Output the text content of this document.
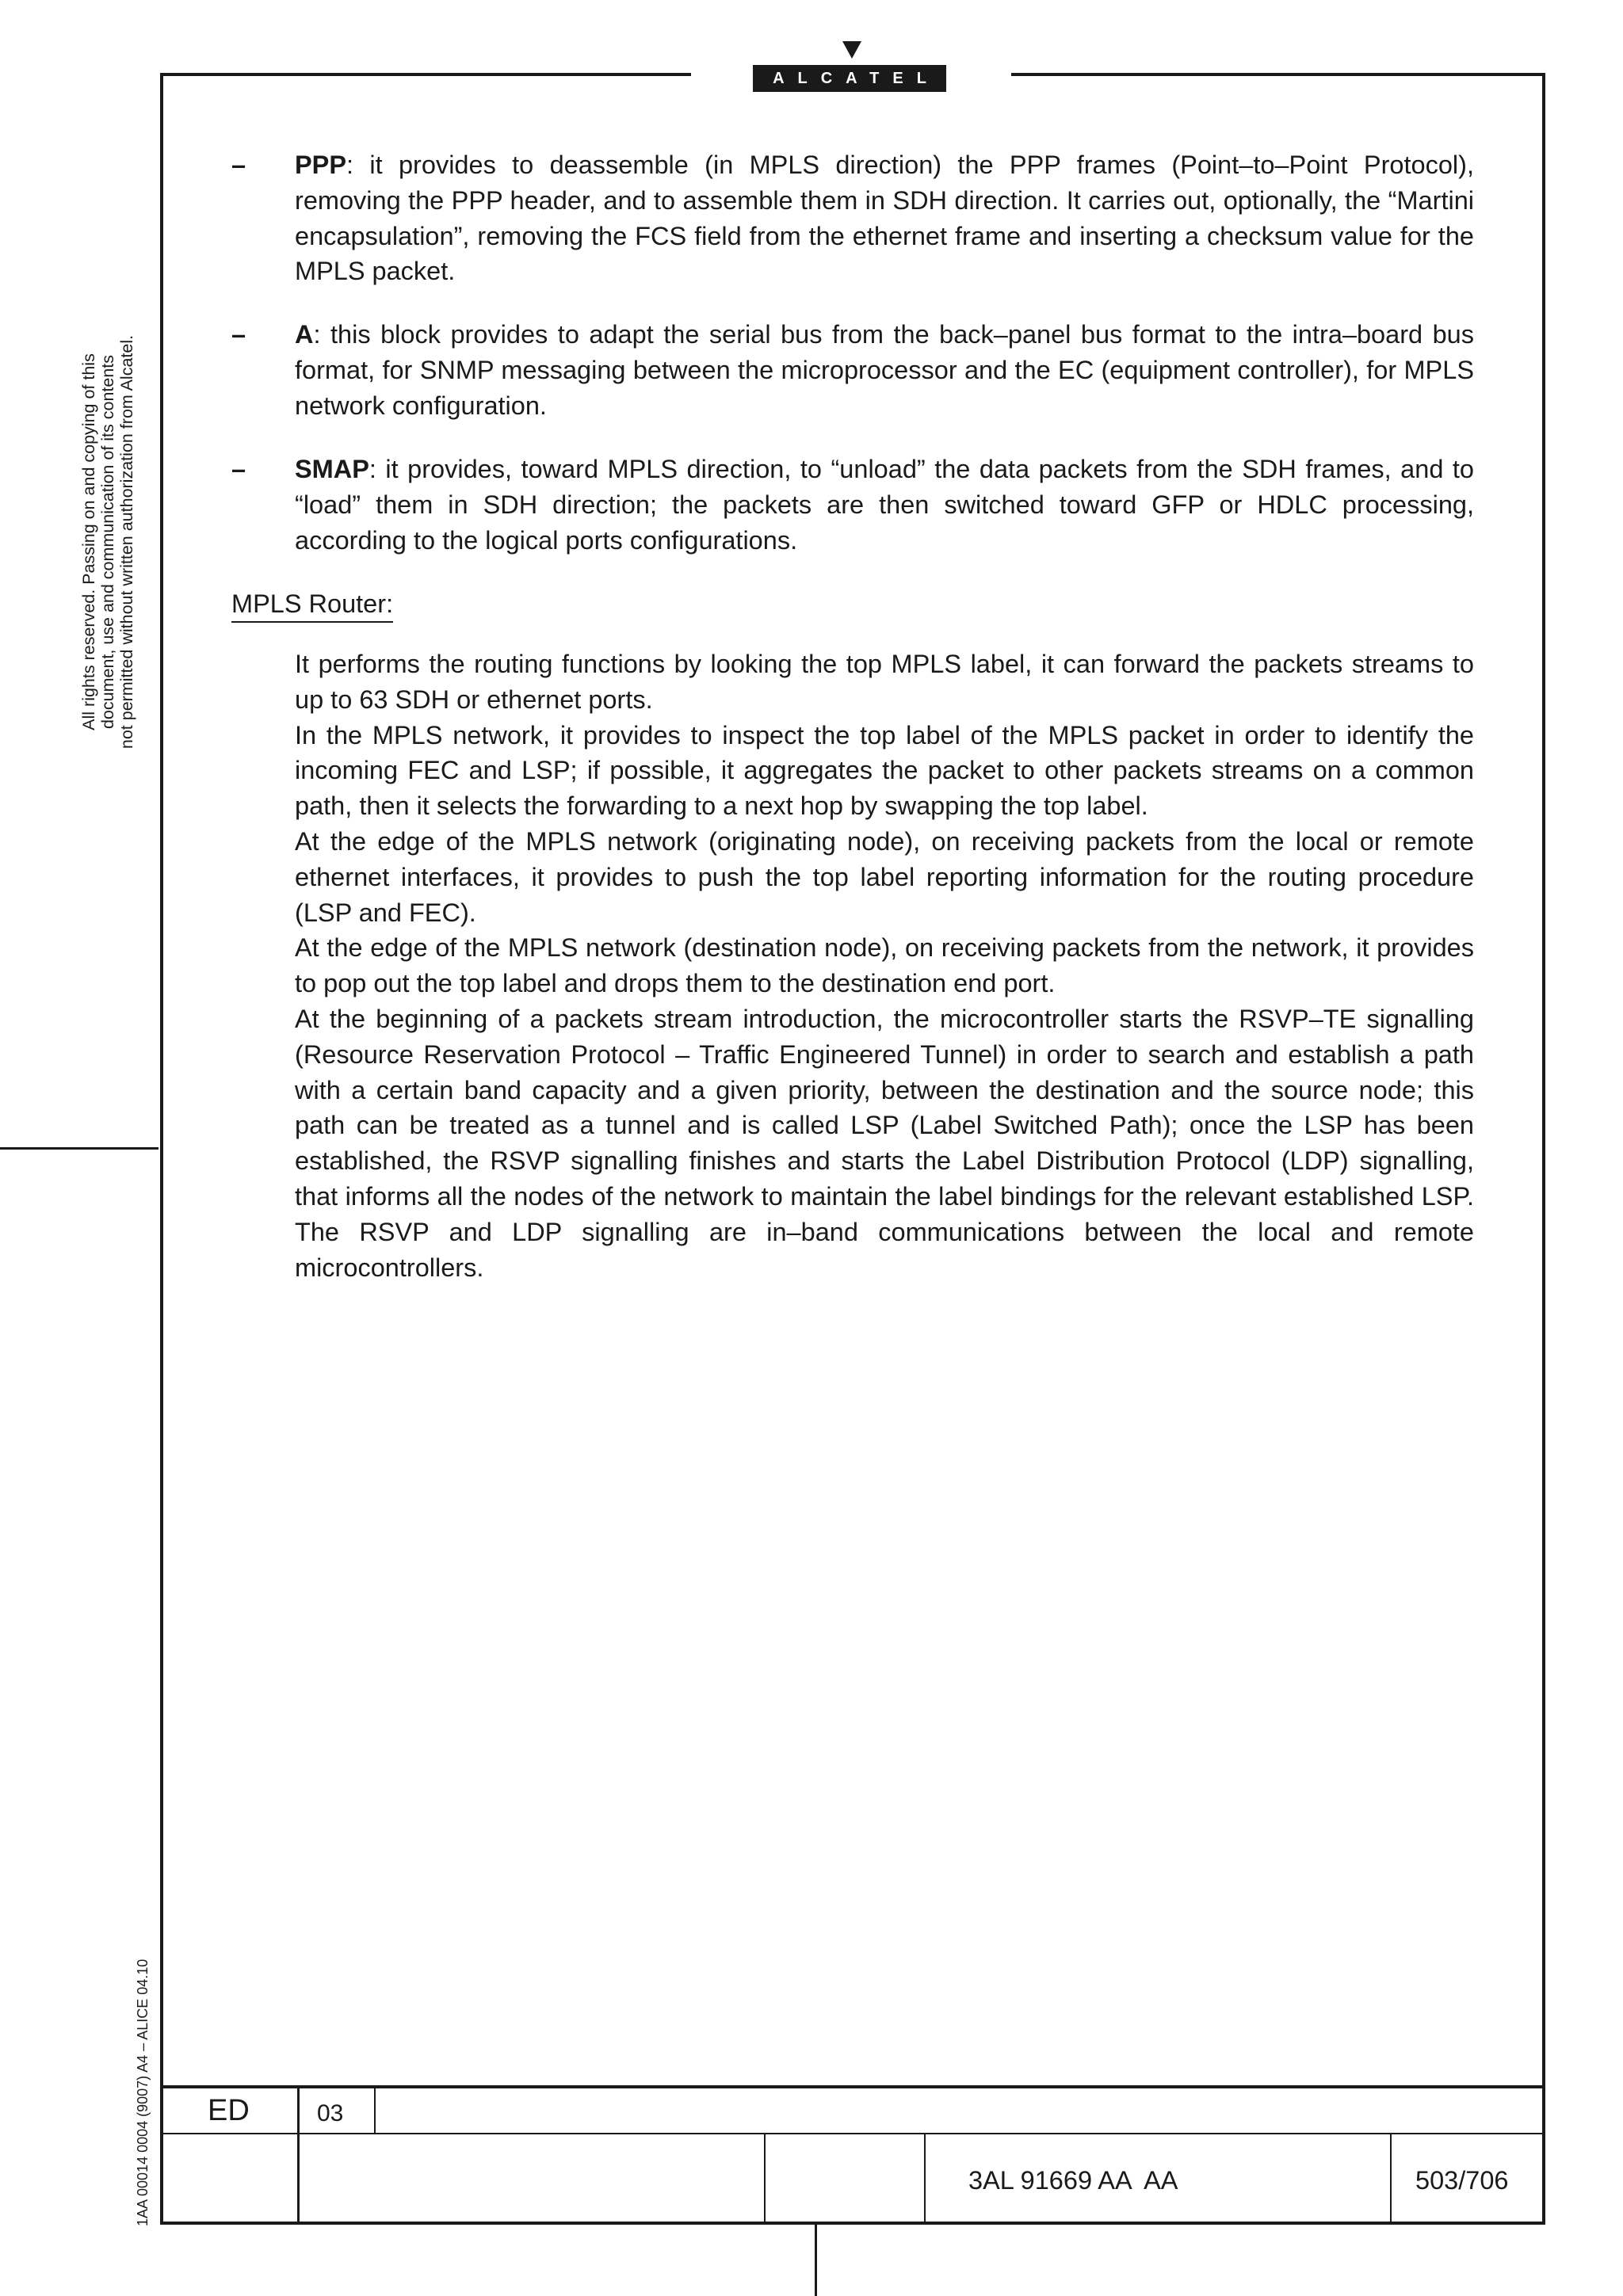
ALCATEL
All rights reserved. Passing on and copying of this document, use and communication of its contents not permitted without written authorization from Alcatel.
1AA 00014 0004 (9007) A4 – ALICE 04.10
– PPP: it provides to deassemble (in MPLS direction) the PPP frames (Point–to–Point Protocol), removing the PPP header, and to assemble them in SDH direction. It carries out, optionally, the “Martini encapsulation”, removing the FCS field from the ethernet frame and inserting a checksum value for the MPLS packet.
– A: this block provides to adapt the serial bus from the back–panel bus format to the intra–board bus format, for SNMP messaging between the microprocessor and the EC (equipment controller), for MPLS network configuration.
– SMAP: it provides, toward MPLS direction, to “unload” the data packets from the SDH frames, and to “load” them in SDH direction; the packets are then switched toward GFP or HDLC processing, according to the logical ports configurations.
MPLS Router:

It performs the routing functions by looking the top MPLS label, it can forward the packets streams to up to 63 SDH or ethernet ports.

In the MPLS network, it provides to inspect the top label of the MPLS packet in order to identify the incoming FEC and LSP; if possible, it aggregates the packet to other packets streams on a common path, then it selects the forwarding to a next hop by swapping the top label.

At the edge of the MPLS network (originating node), on receiving packets from the local or remote ethernet interfaces, it provides to push the top label reporting information for the routing procedure (LSP and FEC).

At the edge of the MPLS network (destination node), on receiving packets from the network, it provides to pop out the top label and drops them to the destination end port.

At the beginning of a packets stream introduction, the microcontroller starts the RSVP–TE signalling (Resource Reservation Protocol – Traffic Engineered Tunnel) in order to search and establish a path with a certain band capacity and a given priority, between the destination and the source node; this path can be treated as a tunnel and is called LSP (Label Switched Path); once the LSP has been established, the RSVP signalling finishes and starts the Label Distribution Protocol (LDP) signalling, that informs all the nodes of the network to maintain the label bindings for the relevant established LSP. The RSVP and LDP signalling are in–band communications between the local and remote microcontrollers.

ED	03
3AL 91669 AA  AA	503/706
